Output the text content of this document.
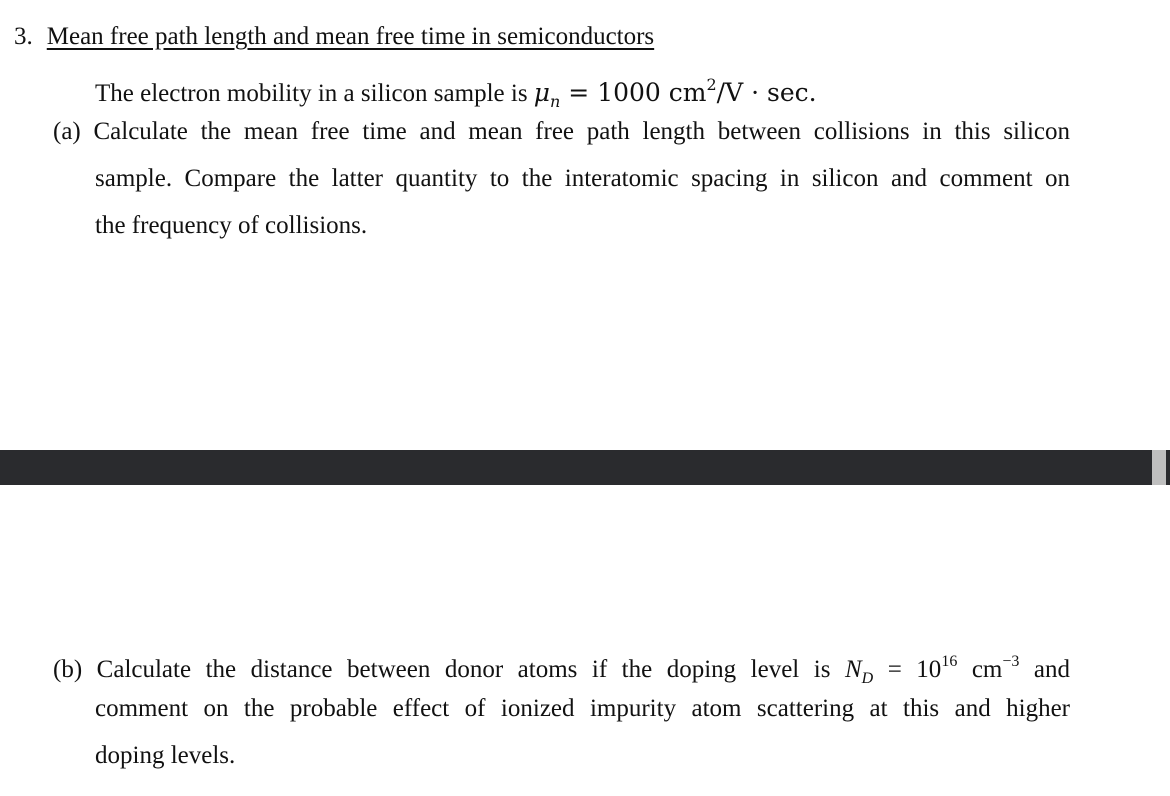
3. Mean free path length and mean free time in semiconductors
The electron mobility in a silicon sample is $\mu_n = 1000$ $cm^2/V \cdot \sec$.
(a) Calculate the mean free time and mean free path length between collisions in this silicon
sample. Compare the latter quantity to the interatomic spacing in silicon and comment on
the frequency of collisions.
(b) Calculate the distance between donor atoms if the doping level is $N_D = 10^{16}$ $cm^{-3}$ and
comment on the probable effect of ionized impurity atom scattering at this and higher
doping levels.
